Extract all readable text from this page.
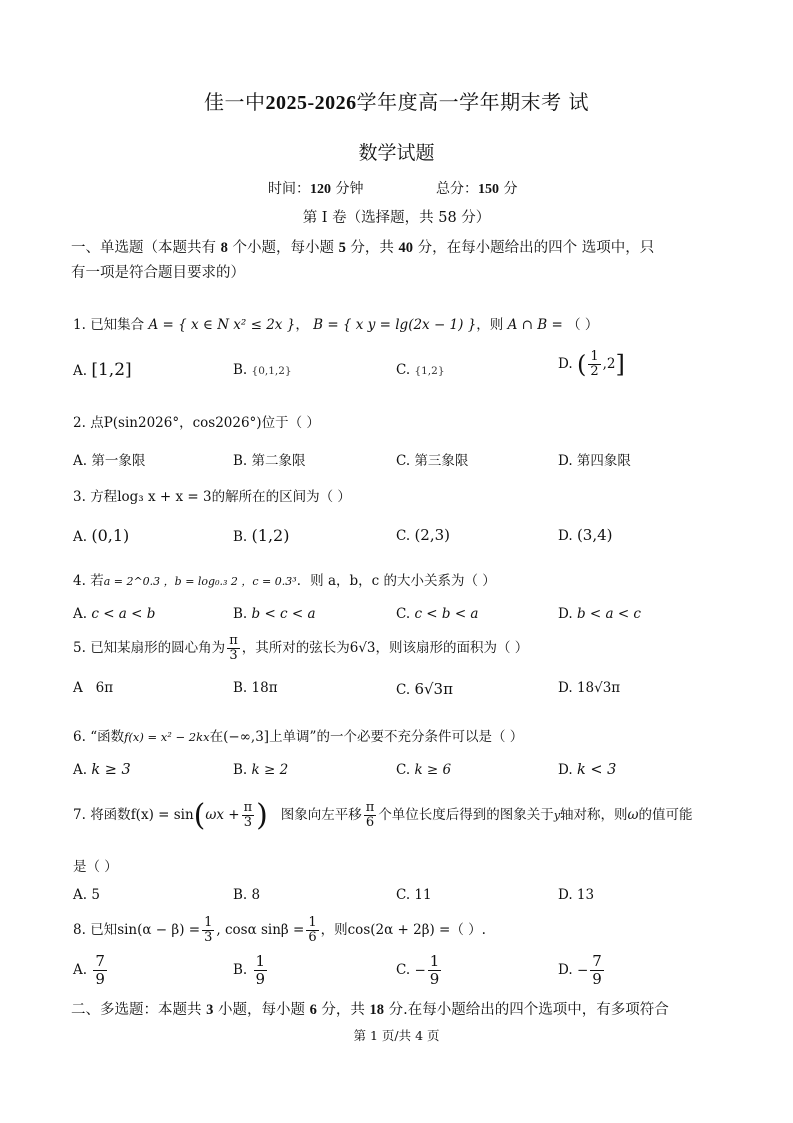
佳一中2025-2026学年度高一学年期末考 试
数学试题
时间：120 分钟	总分：150 分
第 I 卷（选择题，共 58 分）
一、单选题（本题共有 8 个小题，每小题 5 分，共 40 分，在每小题给出的四个 选项中，只
有一项是符合题目要求的）
1. 已知集合 A = { x ∈ N x² ≤ 2x }， B = { x y = lg(2x − 1) }，则 A ∩ B = （ ）
A. [1,2]	B. {0,1,2}	C. {1,2}	D. ( $\frac{1}{2} ,2$]
2. 点P(sin2026°，cos2026°)位于（ ）
A. 第一象限	B. 第二象限	C. 第三象限	D. 第四象限
3. 方程log₃ x + x = 3的解所在的区间为（ ）
A. (0,1)	B. (1,2)	C. (2,3)	D. (3,4)
4. 若a = 2^0.3 ，b = log₀.₃ 2 ，c = 0.3³．则 a，b，c 的大小关系为（ ）
A. c < a < b	B. b < c < a	C. c < b < a	D. b < a < c
5. 已知某扇形的圆心角为 $\frac{\pi}{3}$ ，其所对的弦长为6√3，则该扇形的面积为（ ）
A 6π	B. 18π	C. 6√3π	D. 18√3π
6. “函数f(x) = x² − 2kx在(−∞,3]上单调”的一个必要不充分条件可以是（ ）
A. k ≥ 3	B. k ≥ 2	C. k ≥ 6	D. k < 3
7. 将函数$f(x) = \sin(\omega x + \frac{\pi}{3}$ ) 图象向左平移 $\frac{\pi}{6}$ 个单位长度后得到的图象关于y轴对称，则ω的值可能
是（ ）
A. 5	B. 8	C. 11	D. 13
8. 已知$\sin(\alpha - \beta) = \frac{1}{3}$ , cosα $\sin\beta = \frac{1}{6}$ ，则cos(2α + 2β) =（ ）.
A. $\frac{7}{9}$	B. $\frac{1}{9}$	C. − $\frac{1}{9}$	D. − $\frac{7}{9}$
二、多选题：本题共 3 小题，每小题 6 分，共 18 分.在每小题给出的四个选项中，有多项符合
第 1 页/共 4 页
